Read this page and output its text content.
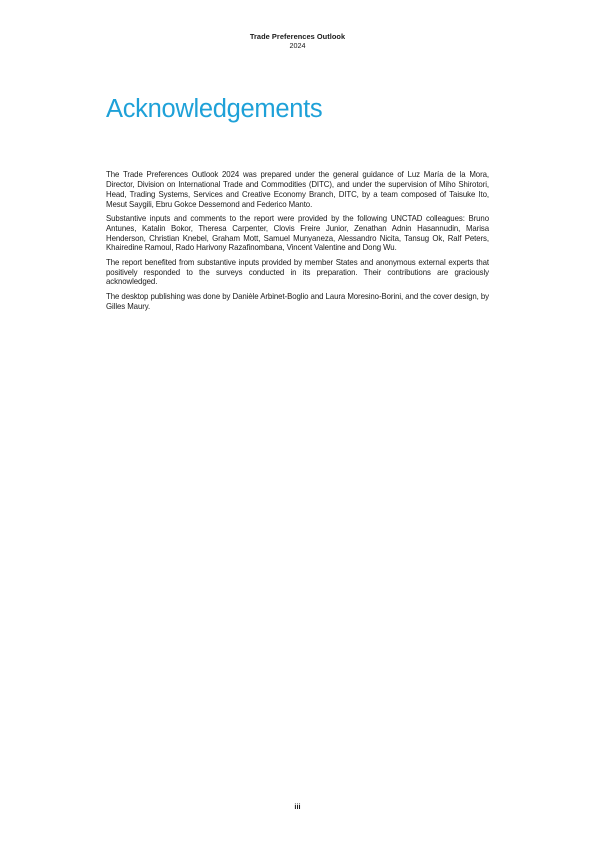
Trade Preferences Outlook
2024
Acknowledgements

The Trade Preferences Outlook 2024 was prepared under the general guidance of Luz María de la Mora, Director, Division on International Trade and Commodities (DITC), and under the supervision of Miho Shirotori, Head, Trading Systems, Services and Creative Economy Branch, DITC, by a team composed of Taisuke Ito, Mesut Saygili, Ebru Gokce Dessemond and Federico Manto.

Substantive inputs and comments to the report were provided by the following UNCTAD colleagues: Bruno Antunes, Katalin Bokor, Theresa Carpenter, Clovis Freire Junior, Zenathan Adnin Hasannudin, Marisa Henderson, Christian Knebel, Graham Mott, Samuel Munyaneza, Alessandro Nicita, Tansug Ok, Ralf Peters, Khairedine Ramoul, Rado Harivony Razafinombana, Vincent Valentine and Dong Wu.

The report benefited from substantive inputs provided by member States and anonymous external experts that positively responded to the surveys conducted in its preparation. Their contributions are graciously acknowledged.

The desktop publishing was done by Danièle Arbinet-Boglio and Laura Moresino-Borini, and the cover design, by Gilles Maury.

iii
